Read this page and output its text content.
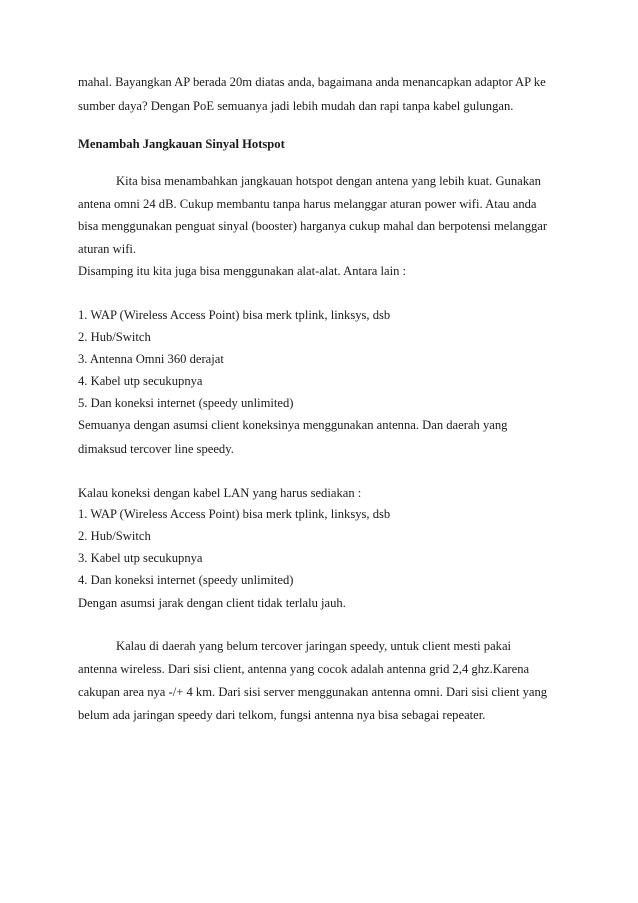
mahal. Bayangkan AP berada 20m diatas anda, bagaimana anda menancapkan adaptor AP ke
sumber daya? Dengan PoE semuanya jadi lebih mudah dan rapi tanpa kabel gulungan.
Menambah Jangkauan Sinyal Hotspot
Kita bisa menambahkan jangkauan hotspot dengan antena yang lebih kuat. Gunakan
antena omni 24 dB. Cukup membantu tanpa harus melanggar aturan power wifi. Atau anda
bisa menggunakan penguat sinyal (booster) harganya cukup mahal dan berpotensi melanggar
aturan wifi.
Disamping itu kita juga bisa menggunakan alat-alat. Antara lain :
1. WAP (Wireless Access Point) bisa merk tplink, linksys, dsb
2. Hub/Switch
3. Antenna Omni 360 derajat
4. Kabel utp secukupnya
5. Dan koneksi internet (speedy unlimited)
Semuanya dengan asumsi client koneksinya menggunakan antenna. Dan daerah yang
dimaksud tercover line speedy.
Kalau koneksi dengan kabel LAN yang harus sediakan :
1. WAP (Wireless Access Point) bisa merk tplink, linksys, dsb
2. Hub/Switch
3. Kabel utp secukupnya
4. Dan koneksi internet (speedy unlimited)
Dengan asumsi jarak dengan client tidak terlalu jauh.
Kalau di daerah yang belum tercover jaringan speedy, untuk client mesti pakai
antenna wireless. Dari sisi client, antenna yang cocok adalah antenna grid 2,4 ghz.Karena
cakupan area nya -/+ 4 km. Dari sisi server menggunakan antenna omni. Dari sisi client yang
belum ada jaringan speedy dari telkom, fungsi antenna nya bisa sebagai repeater.
